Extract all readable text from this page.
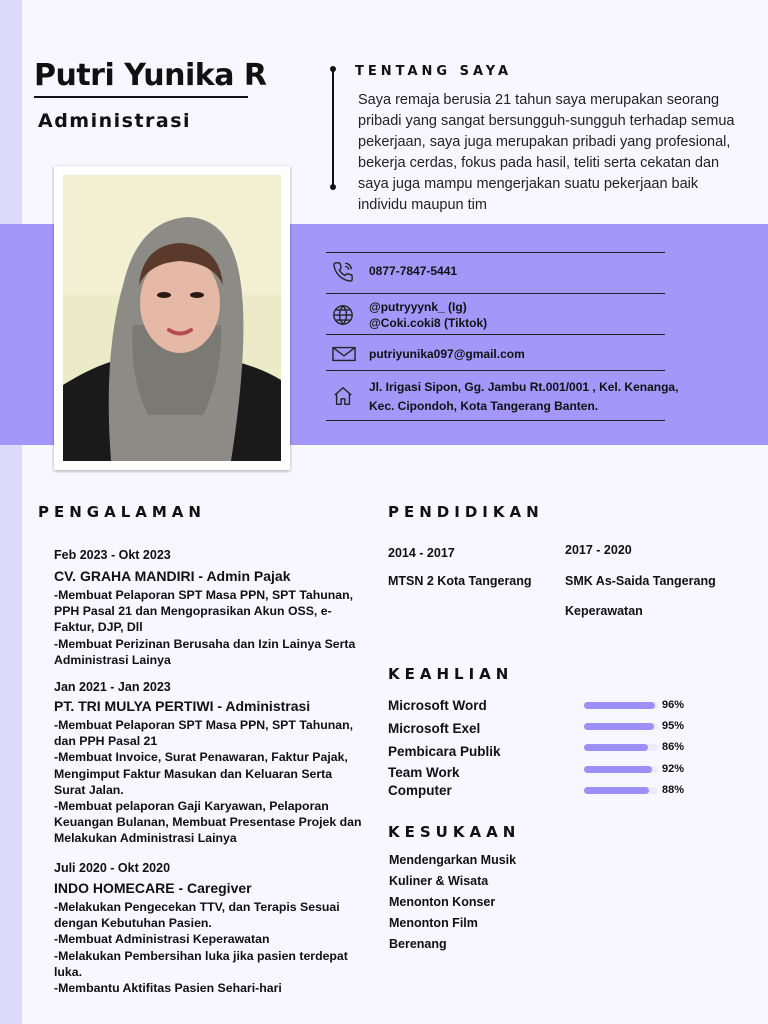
Putri Yunika R
Administrasi
TENTANG SAYA
Saya remaja berusia 21 tahun saya merupakan seorang pribadi yang sangat bersungguh-sungguh terhadap semua pekerjaan, saya juga merupakan pribadi yang profesional, bekerja cerdas, fokus pada hasil, teliti serta cekatan dan saya juga mampu mengerjakan suatu pekerjaan baik individu maupun tim
0877-7847-5441
@putryyynk_ (Ig)
@Coki.coki8 (Tiktok)
putriyunika097@gmail.com
Jl. Irigasi Sipon, Gg. Jambu Rt.001/001 , Kel. Kenanga,
Kec. Cipondoh, Kota Tangerang Banten.
PENGALAMAN
Feb 2023 - Okt 2023
CV. GRAHA MANDIRI - Admin Pajak
-Membuat Pelaporan SPT Masa PPN, SPT Tahunan, PPH Pasal 21 dan Mengoprasikan Akun OSS, e-Faktur, DJP, Dll
-Membuat Perizinan Berusaha dan Izin Lainya Serta Administrasi Lainya
Jan 2021 - Jan 2023
PT. TRI MULYA PERTIWI - Administrasi
-Membuat Pelaporan SPT Masa PPN, SPT Tahunan, dan PPH Pasal 21
-Membuat Invoice, Surat Penawaran, Faktur Pajak, Mengimput Faktur Masukan dan Keluaran Serta Surat Jalan.
-Membuat pelaporan Gaji Karyawan, Pelaporan Keuangan Bulanan, Membuat Presentase Projek dan Melakukan Administrasi Lainya
Juli 2020 - Okt 2020
INDO HOMECARE - Caregiver
-Melakukan Pengecekan TTV, dan Terapis Sesuai dengan Kebutuhan Pasien.
-Membuat Administrasi Keperawatan
-Melakukan Pembersihan luka jika pasien terdepat luka.
-Membantu Aktifitas Pasien Sehari-hari
PENDIDIKAN
2014 - 2017
MTSN 2 Kota Tangerang
2017 - 2020
SMK As-Saida Tangerang
Keperawatan
KEAHLIAN
Microsoft Word	96%
Microsoft Exel	95%
Pembicara Publik	86%
Team Work	92%
Computer	88%
KESUKAAN
Mendengarkan Musik
Kuliner & Wisata
Menonton Konser
Menonton Film
Berenang
